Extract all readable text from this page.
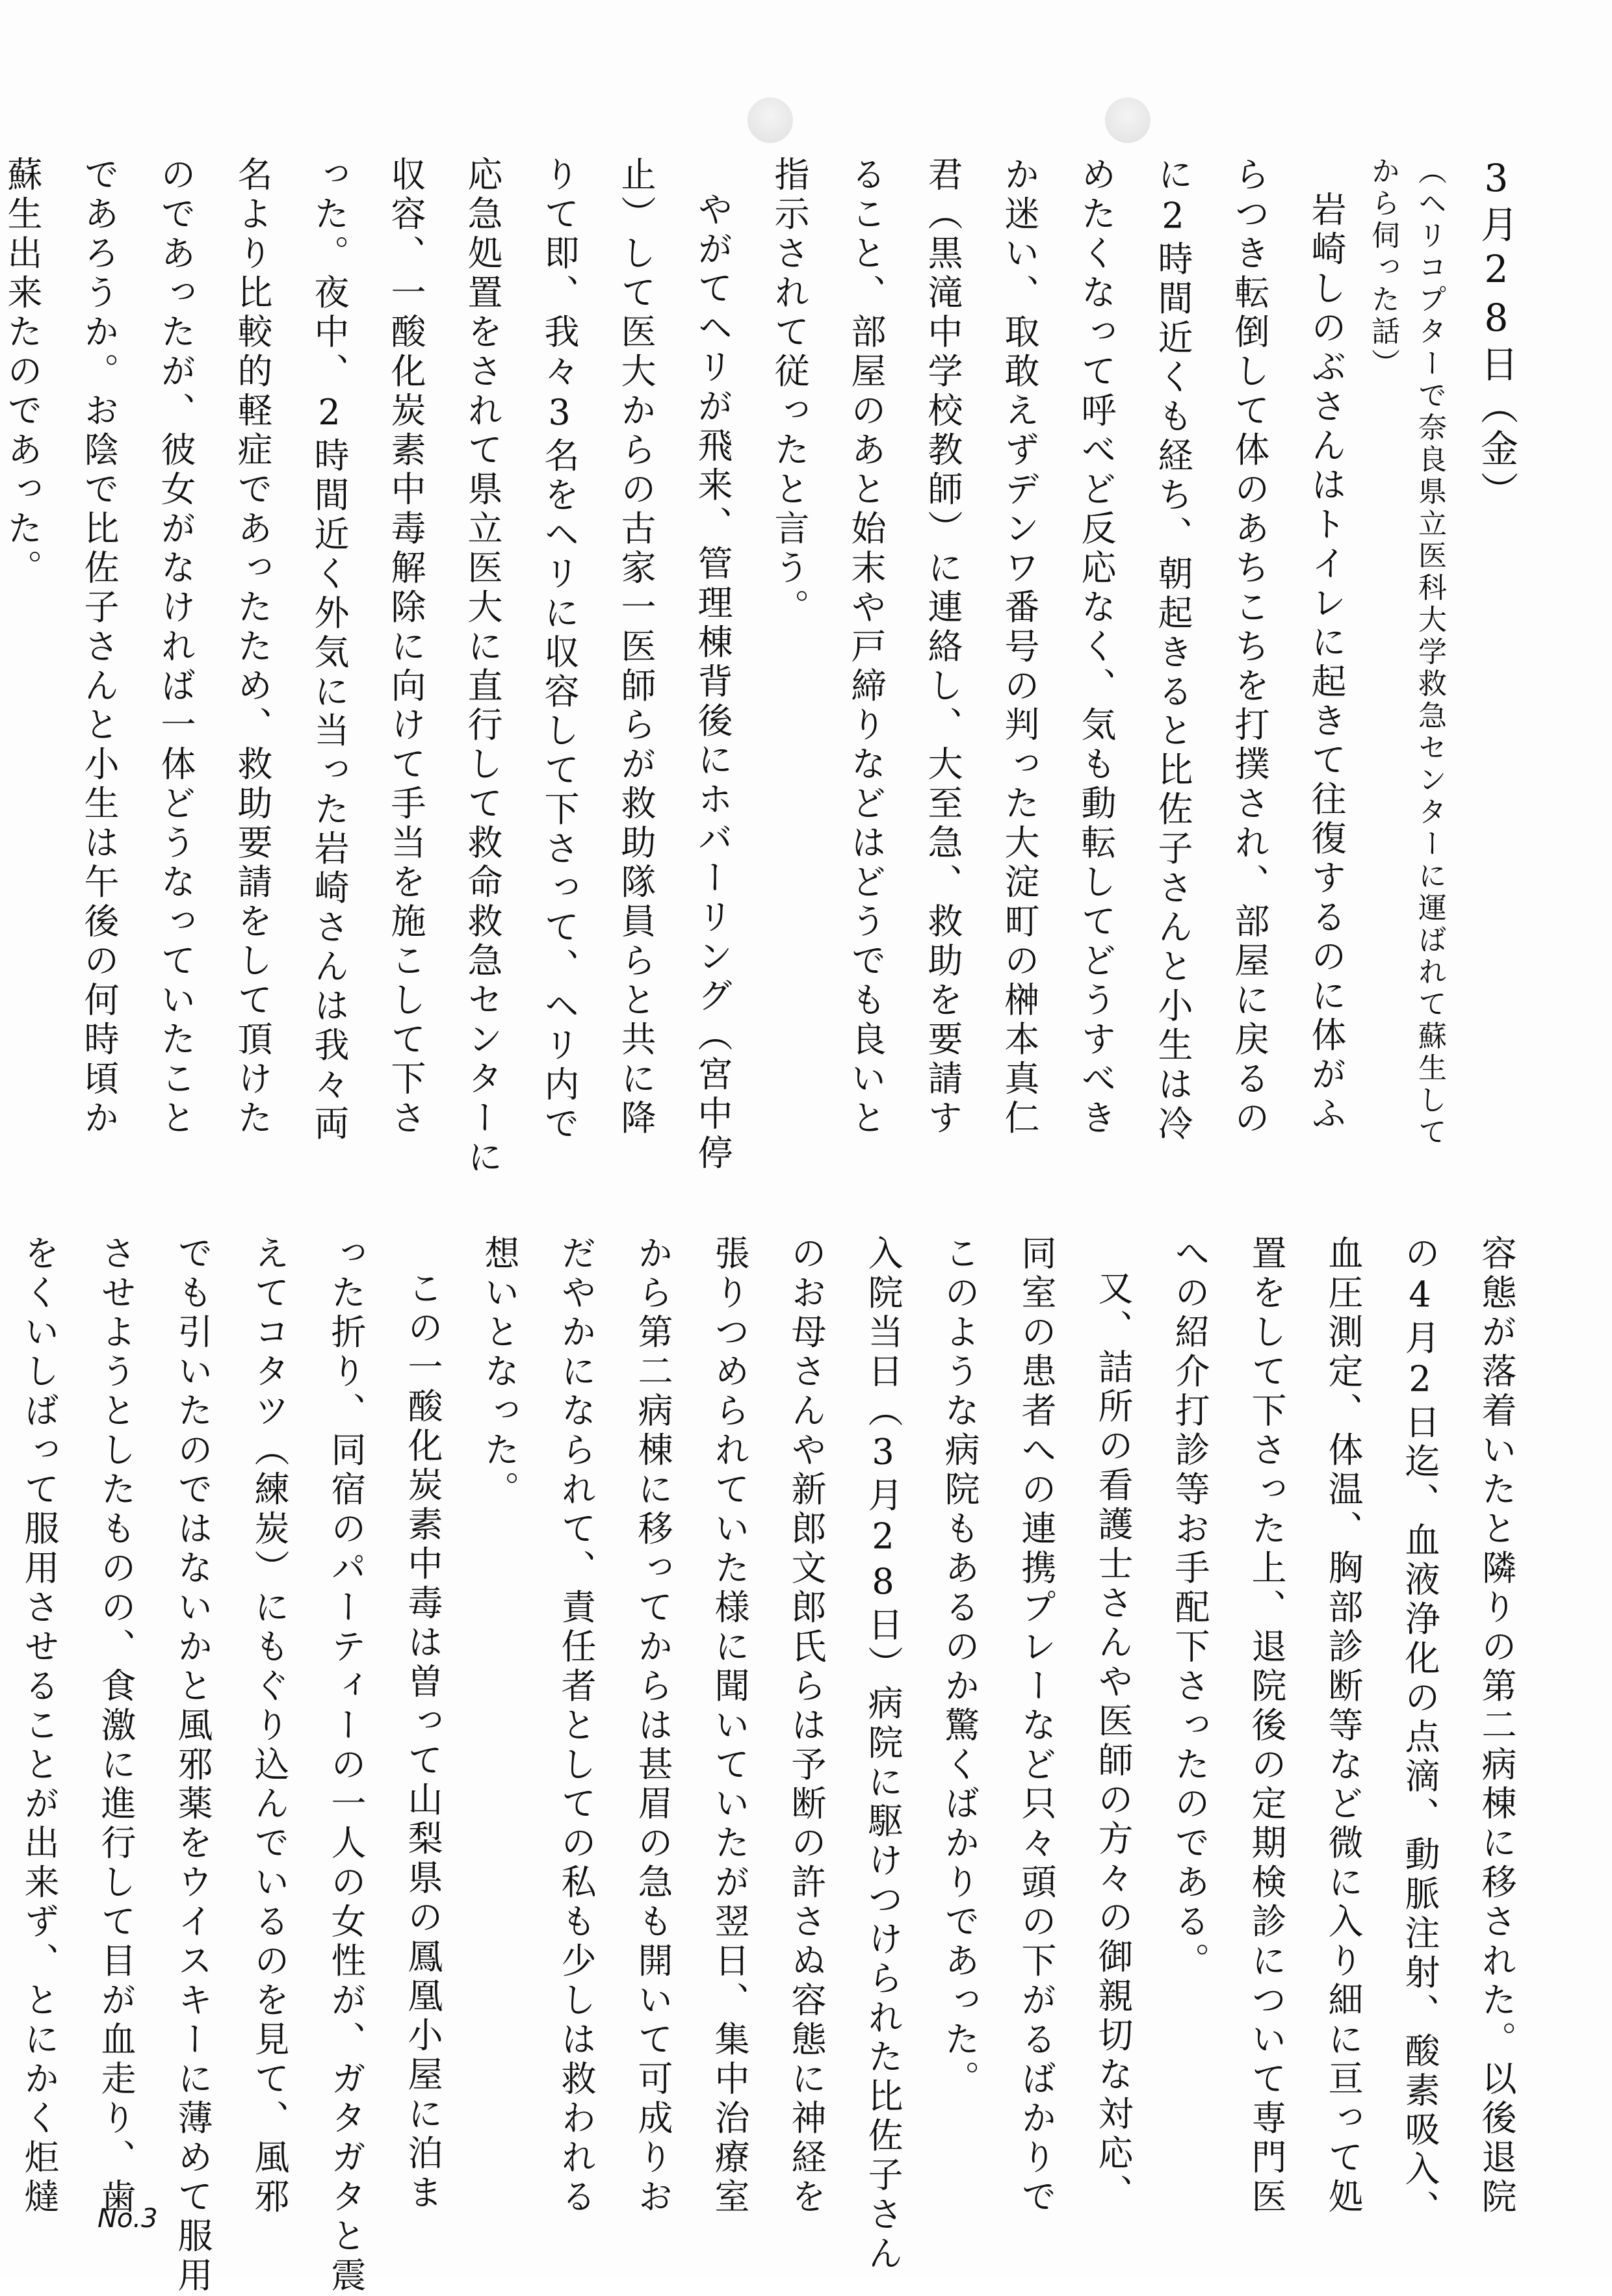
3月28日（金）
（ヘリコプターで奈良県立医科大学救急センターに運ばれて蘇生して
から伺った話）
岩崎しのぶさんはトイレに起きて往復するのに体がふ
らつき転倒して体のあちこちを打撲され、部屋に戻るの
に2時間近くも経ち、朝起きると比佐子さんと小生は冷
めたくなって呼べど反応なく、気も動転してどうすべき
か迷い、取敢えずデンワ番号の判った大淀町の榊本真仁
君（黒滝中学校教師）に連絡し、大至急、救助を要請す
ること、部屋のあと始末や戸締りなどはどうでも良いと
指示されて従ったと言う。
やがてヘリが飛来、管理棟背後にホバーリング（宮中停
止）して医大からの古家一医師らが救助隊員らと共に降
りて即、我々3名をヘリに収容して下さって、ヘリ内で
応急処置をされて県立医大に直行して救命救急センターに
収容、一酸化炭素中毒解除に向けて手当を施こして下さ
った。夜中、2時間近く外気に当った岩崎さんは我々両
名より比較的軽症であったため、救助要請をして頂けた
のであったが、彼女がなければ一体どうなっていたこと
であろうか。お陰で比佐子さんと小生は午後の何時頃か
蘇生出来たのであった。
容態が落着いたと隣りの第二病棟に移された。以後退院
の4月2日迄、血液浄化の点滴、動脈注射、酸素吸入、
血圧測定、体温、胸部診断等など微に入り細に亘って処
置をして下さった上、退院後の定期検診について専門医
への紹介打診等お手配下さったのである。
又、詰所の看護士さんや医師の方々の御親切な対応、
同室の患者への連携プレーなど只々頭の下がるばかりで
このような病院もあるのか驚くばかりであった。
入院当日（3月28日）病院に駆けつけられた比佐子さん
のお母さんや新郎文郎氏らは予断の許さぬ容態に神経を
張りつめられていた様に聞いていたが翌日、集中治療室
から第二病棟に移ってからは甚眉の急も開いて可成りお
だやかになられて、責任者としての私も少しは救われる
想いとなった。
この一酸化炭素中毒は曽って山梨県の鳳凰小屋に泊ま
った折り、同宿のパーティーの一人の女性が、ガタガタと震
えてコタツ（練炭）にもぐり込んでいるのを見て、風邪
でも引いたのではないかと風邪薬をウイスキーに薄めて服用
させようとしたものの、食激に進行して目が血走り、歯
をくいしばって服用させることが出来ず、とにかく炬燵
No.3
